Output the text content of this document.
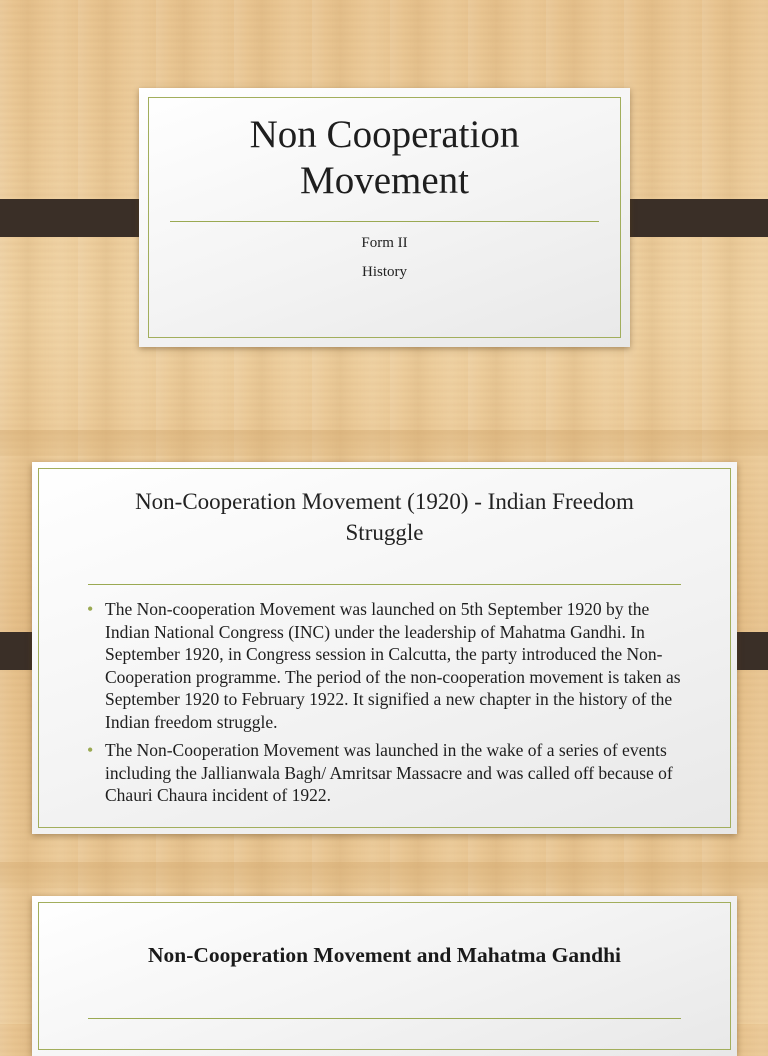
Non Cooperation Movement
Form II
History
Non-Cooperation Movement (1920) - Indian Freedom Struggle
• The Non-cooperation Movement was launched on 5th September 1920 by the Indian National Congress (INC) under the leadership of Mahatma Gandhi. In September 1920, in Congress session in Calcutta, the party introduced the Non-Cooperation programme. The period of the non-cooperation movement is taken as September 1920 to February 1922. It signified a new chapter in the history of the Indian freedom struggle.
• The Non-Cooperation Movement was launched in the wake of a series of events including the Jallianwala Bagh/ Amritsar Massacre and was called off because of Chauri Chaura incident of 1922.
Non-Cooperation Movement and Mahatma Gandhi
